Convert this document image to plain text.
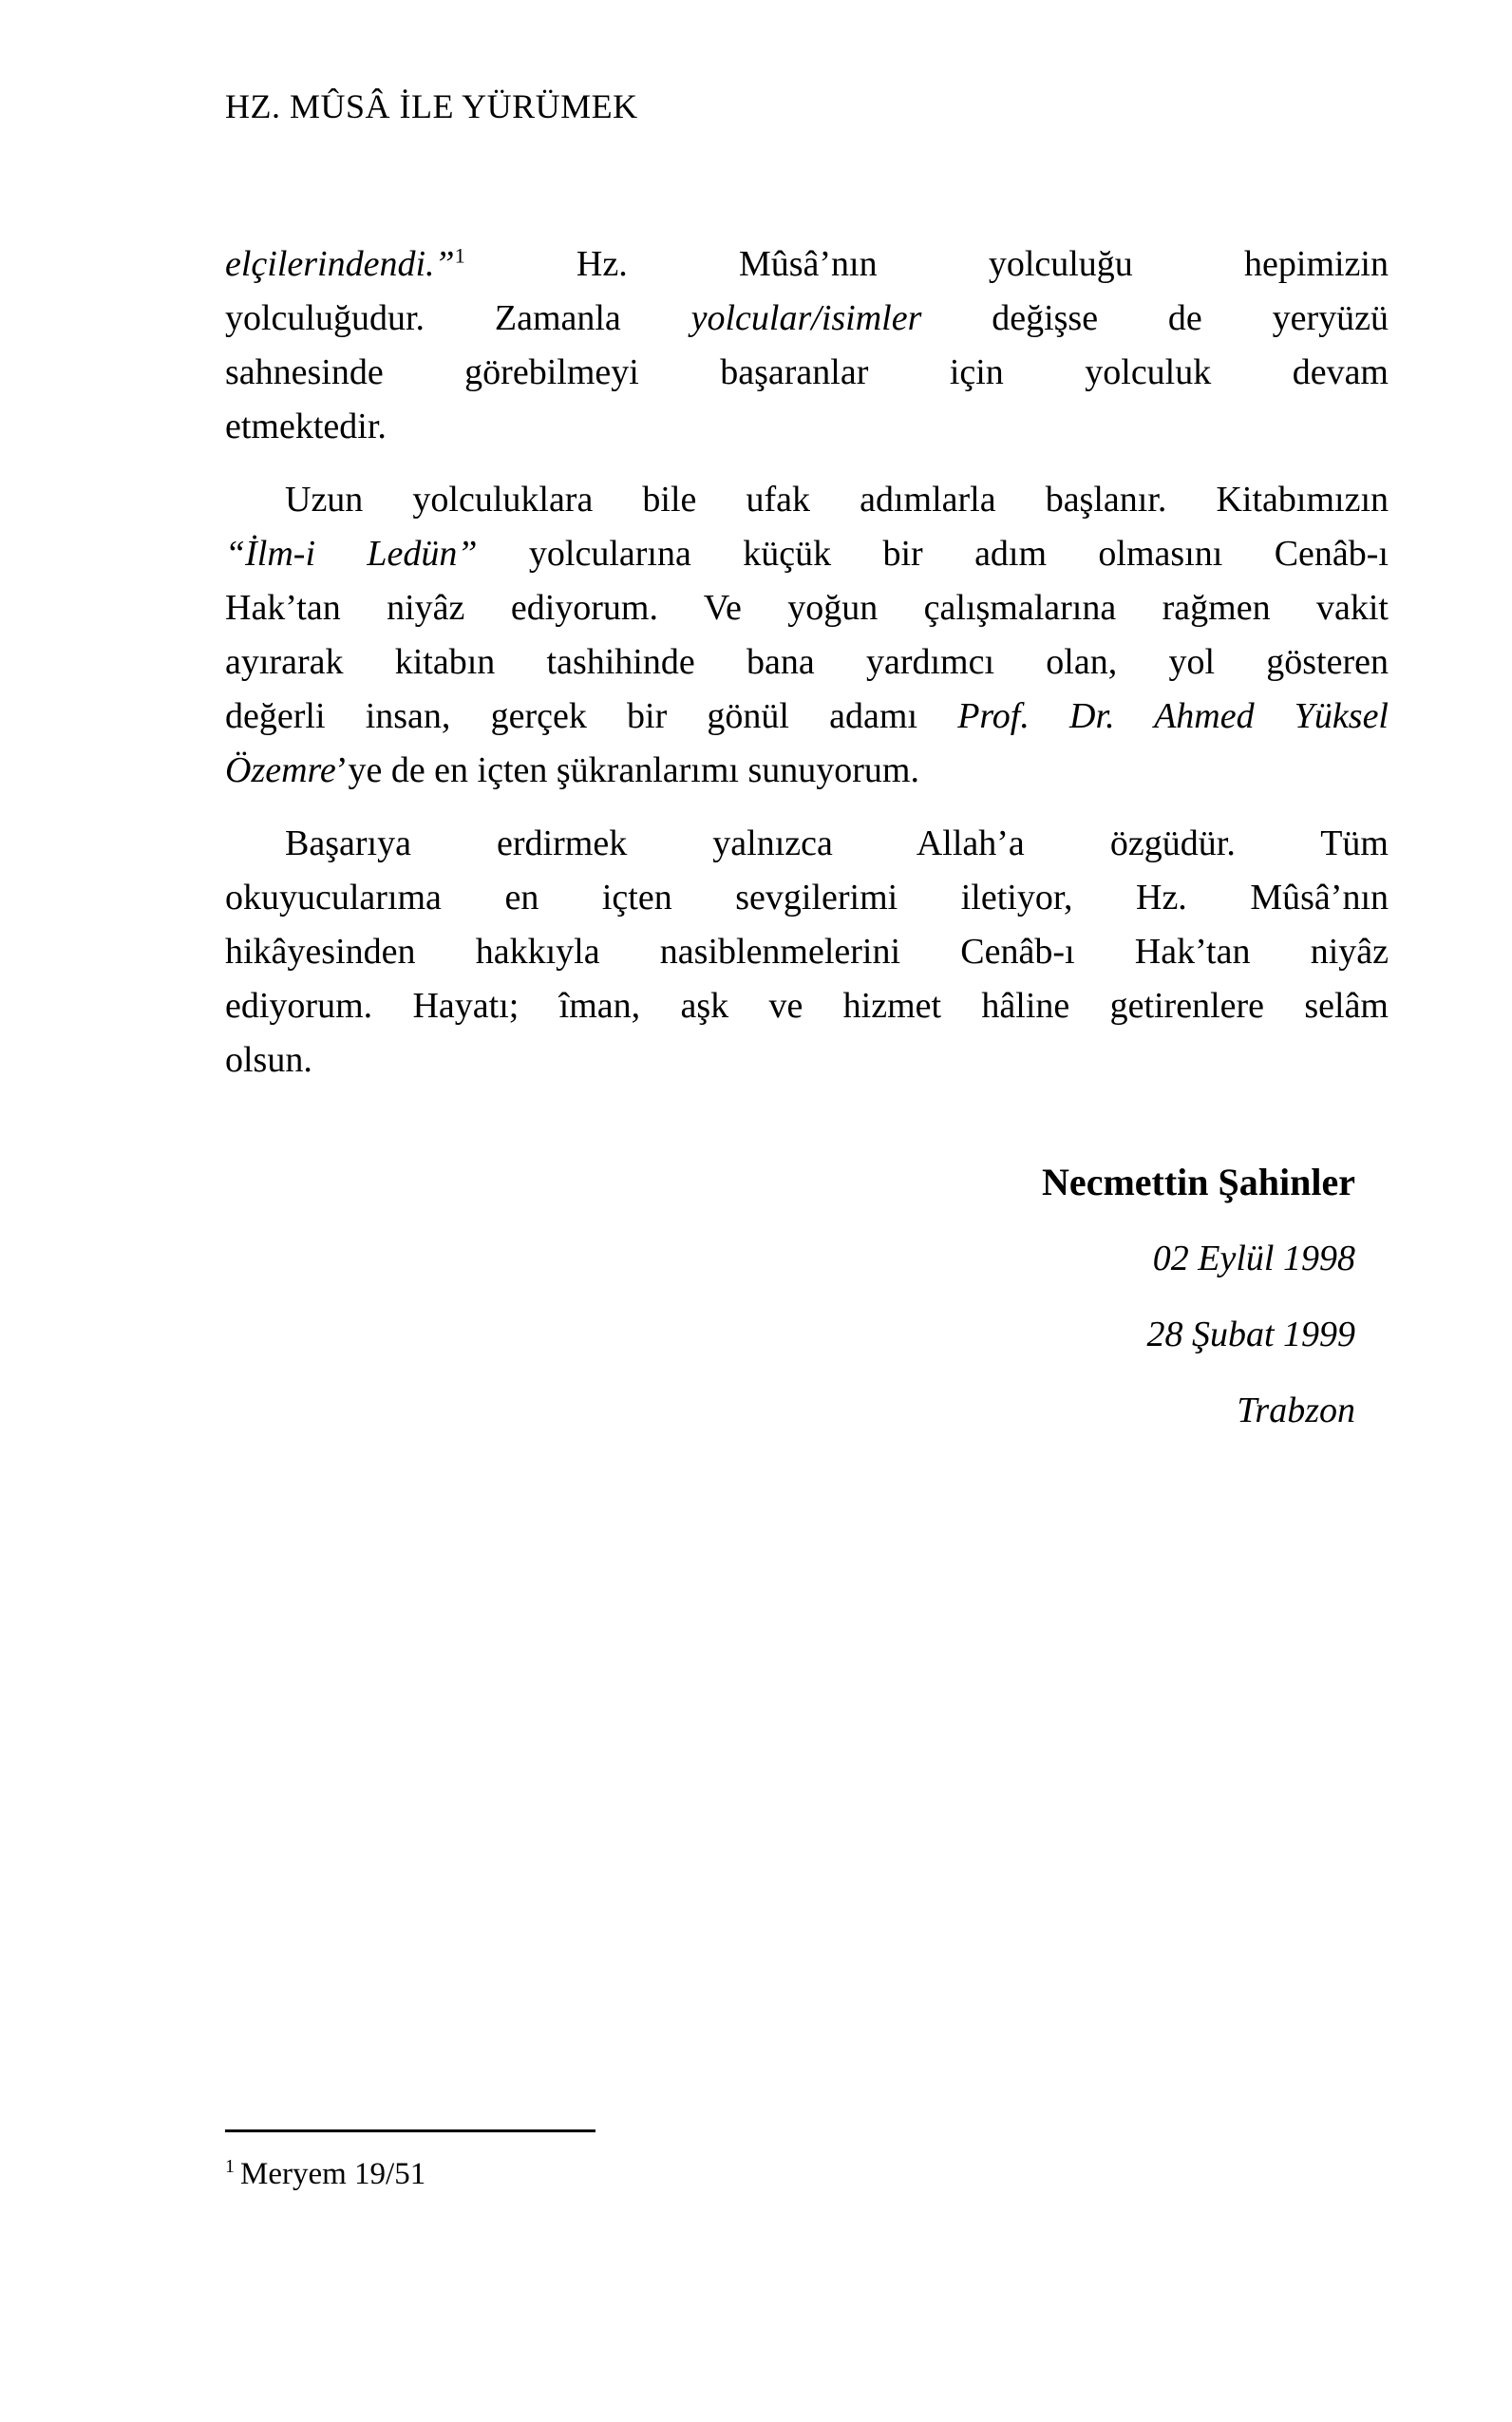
HZ. MÛSÂ İLE YÜRÜMEK
elçilerindendi.”$^1$ Hz. Mûsâ’nın yolculuğu hepimizin
yolculuğudur. Zamanla yolcular/isimler değişse de yeryüzü
sahnesinde görebilmeyi başaranlar için yolculuk devam
etmektedir.
Uzun yolculuklara bile ufak adımlarla başlanır. Kitabımızın
“İlm-i Ledün” yolcularına küçük bir adım olmasını Cenâb-ı
Hak’tan niyâz ediyorum. Ve yoğun çalışmalarına rağmen vakit
ayırarak kitabın tashihinde bana yardımcı olan, yol gösteren
değerli insan, gerçek bir gönül adamı Prof. Dr. Ahmed Yüksel
Özemre’ye de en içten şükranlarımı sunuyorum.
Başarıya erdirmek yalnızca Allah’a özgüdür. Tüm
okuyucularıma en içten sevgilerimi iletiyor, Hz. Mûsâ’nın
hikâyesinden hakkıyla nasiblenmelerini Cenâb-ı Hak’tan niyâz
ediyorum. Hayatı; îman, aşk ve hizmet hâline getirenlere selâm
olsun.
Necmettin Şahinler
02 Eylül 1998
28 Şubat 1999
Trabzon
$^1$ Meryem 19/51
